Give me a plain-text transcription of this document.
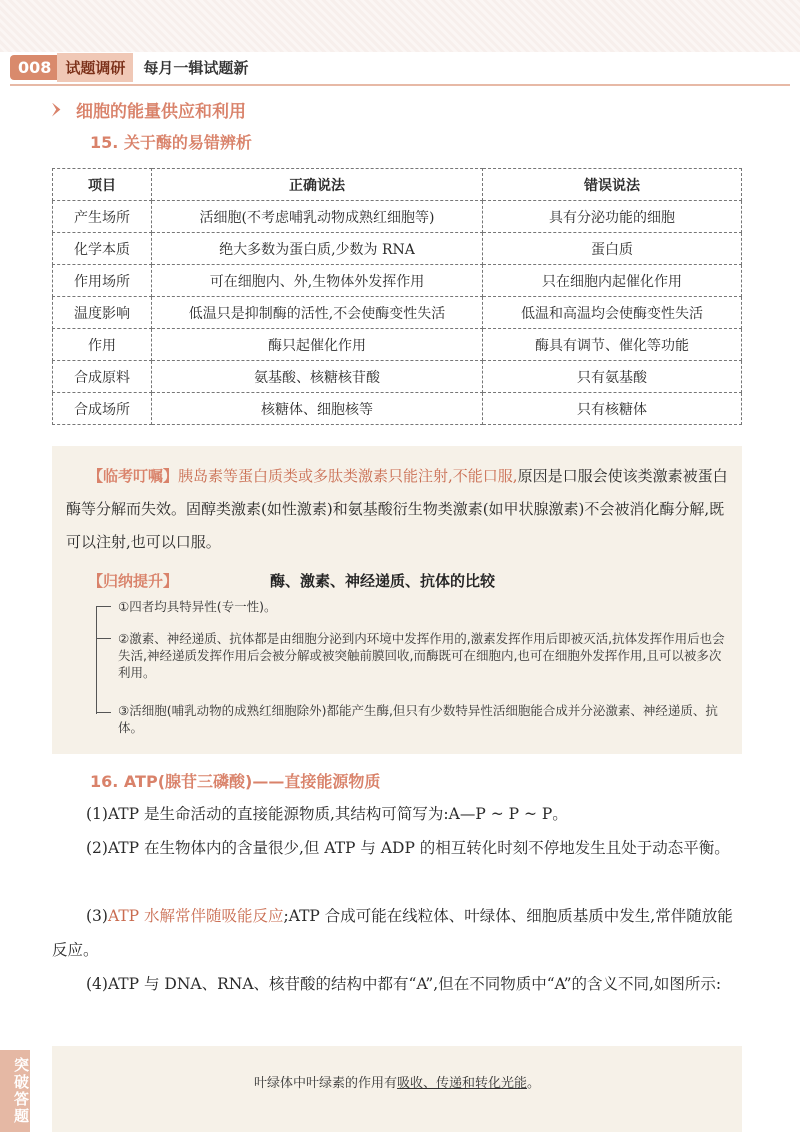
008 试题调研	每月一辑试题新
细胞的能量供应和利用
15. 关于酶的易错辨析
项目	正确说法	错误说法
产生场所	活细胞(不考虑哺乳动物成熟红细胞等)	具有分泌功能的细胞
化学本质	绝大多数为蛋白质,少数为 RNA	蛋白质
作用场所	可在细胞内、外,生物体外发挥作用	只在细胞内起催化作用
温度影响	低温只是抑制酶的活性,不会使酶变性失活	低温和高温均会使酶变性失活
作用	酶只起催化作用	酶具有调节、催化等功能
合成原料	氨基酸、核糖核苷酸	只有氨基酸
合成场所	核糖体、细胞核等	只有核糖体
【临考叮嘱】胰岛素等蛋白质类或多肽类激素只能注射,不能口服,原因是口服会使该类激素被蛋白酶等分解而失效。固醇类激素(如性激素)和氨基酸衍生物类激素(如甲状腺激素)不会被消化酶分解,既可以注射,也可以口服。
【归纳提升】	酶、激素、神经递质、抗体的比较
①四者均具特异性(专一性)。
②激素、神经递质、抗体都是由细胞分泌到内环境中发挥作用的,激素发挥作用后即被灭活,抗体发挥作用后也会失活,神经递质发挥作用后会被分解或被突触前膜回收,而酶既可在细胞内,也可在细胞外发挥作用,且可以被多次利用。
③活细胞(哺乳动物的成熟红细胞除外)都能产生酶,但只有少数特异性活细胞能合成并分泌激素、神经递质、抗体。
16. ATP(腺苷三磷酸)——直接能源物质
(1)ATP 是生命活动的直接能源物质,其结构可简写为:A—P ~ P ~ P。
(2)ATP 在生物体内的含量很少,但 ATP 与 ADP 的相互转化时刻不停地发生且处于动态平衡。
(3)ATP 水解常伴随吸能反应;ATP 合成可能在线粒体、叶绿体、细胞质基质中发生,常伴随放能反应。
(4)ATP 与 DNA、RNA、核苷酸的结构中都有“A”,但在不同物质中“A”的含义不同,如图所示:
突破答题	叶绿体中叶绿素的作用有吸收、传递和转化光能。
